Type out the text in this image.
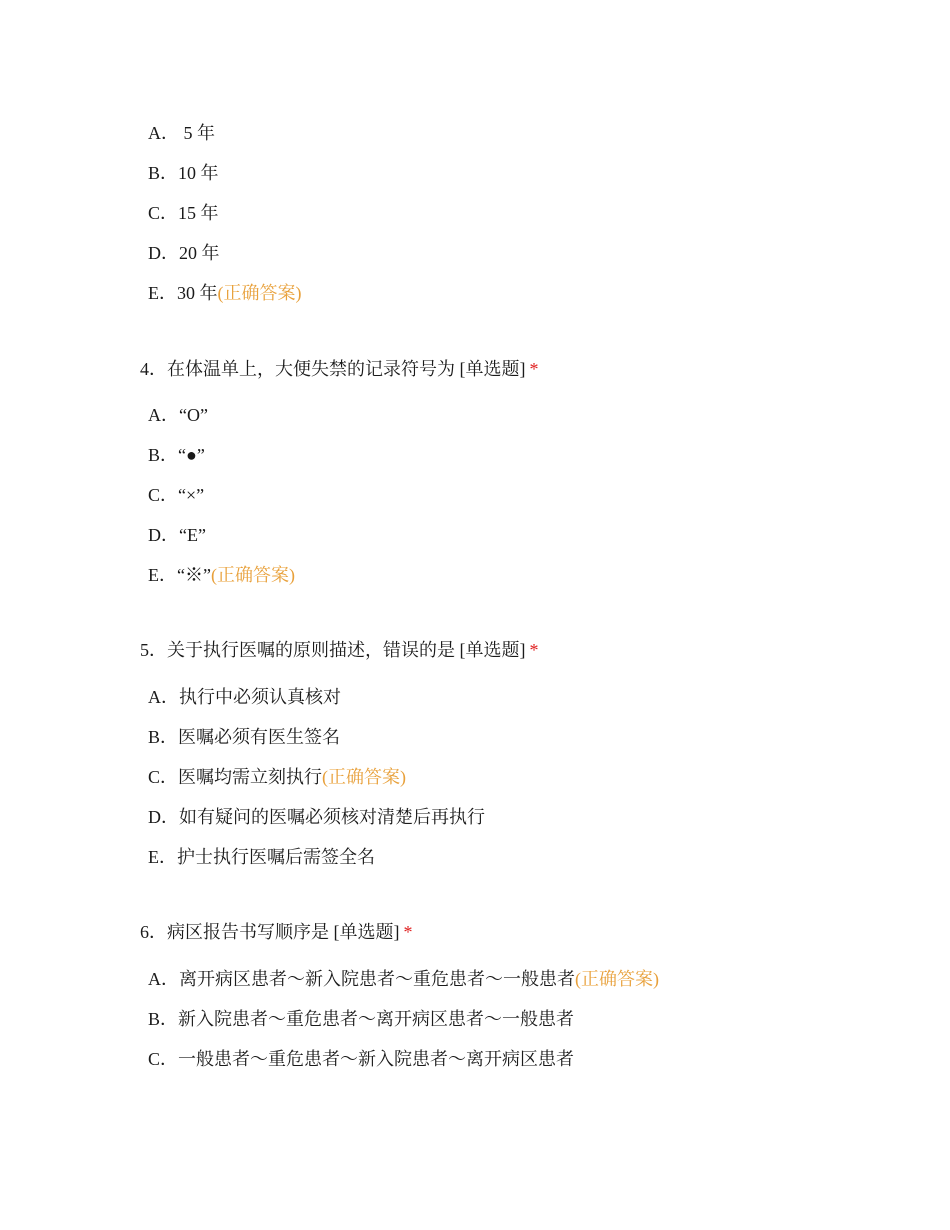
A． 5 年
B．10 年
C．15 年
D．20 年
E．30 年(正确答案)
4．在体温单上，大便失禁的记录符号为 [单选题] *
A．“O”
B．“●”
C．“×”
D．“E”
E．“※”(正确答案)
5．关于执行医嘱的原则描述，错误的是 [单选题] *
A．执行中必须认真核对
B．医嘱必须有医生签名
C．医嘱均需立刻执行(正确答案)
D．如有疑问的医嘱必须核对清楚后再执行
E．护士执行医嘱后需签全名
6．病区报告书写顺序是 [单选题] *
A．离开病区患者～新入院患者～重危患者～一般患者(正确答案)
B．新入院患者～重危患者～离开病区患者～一般患者
C．一般患者～重危患者～新入院患者～离开病区患者
